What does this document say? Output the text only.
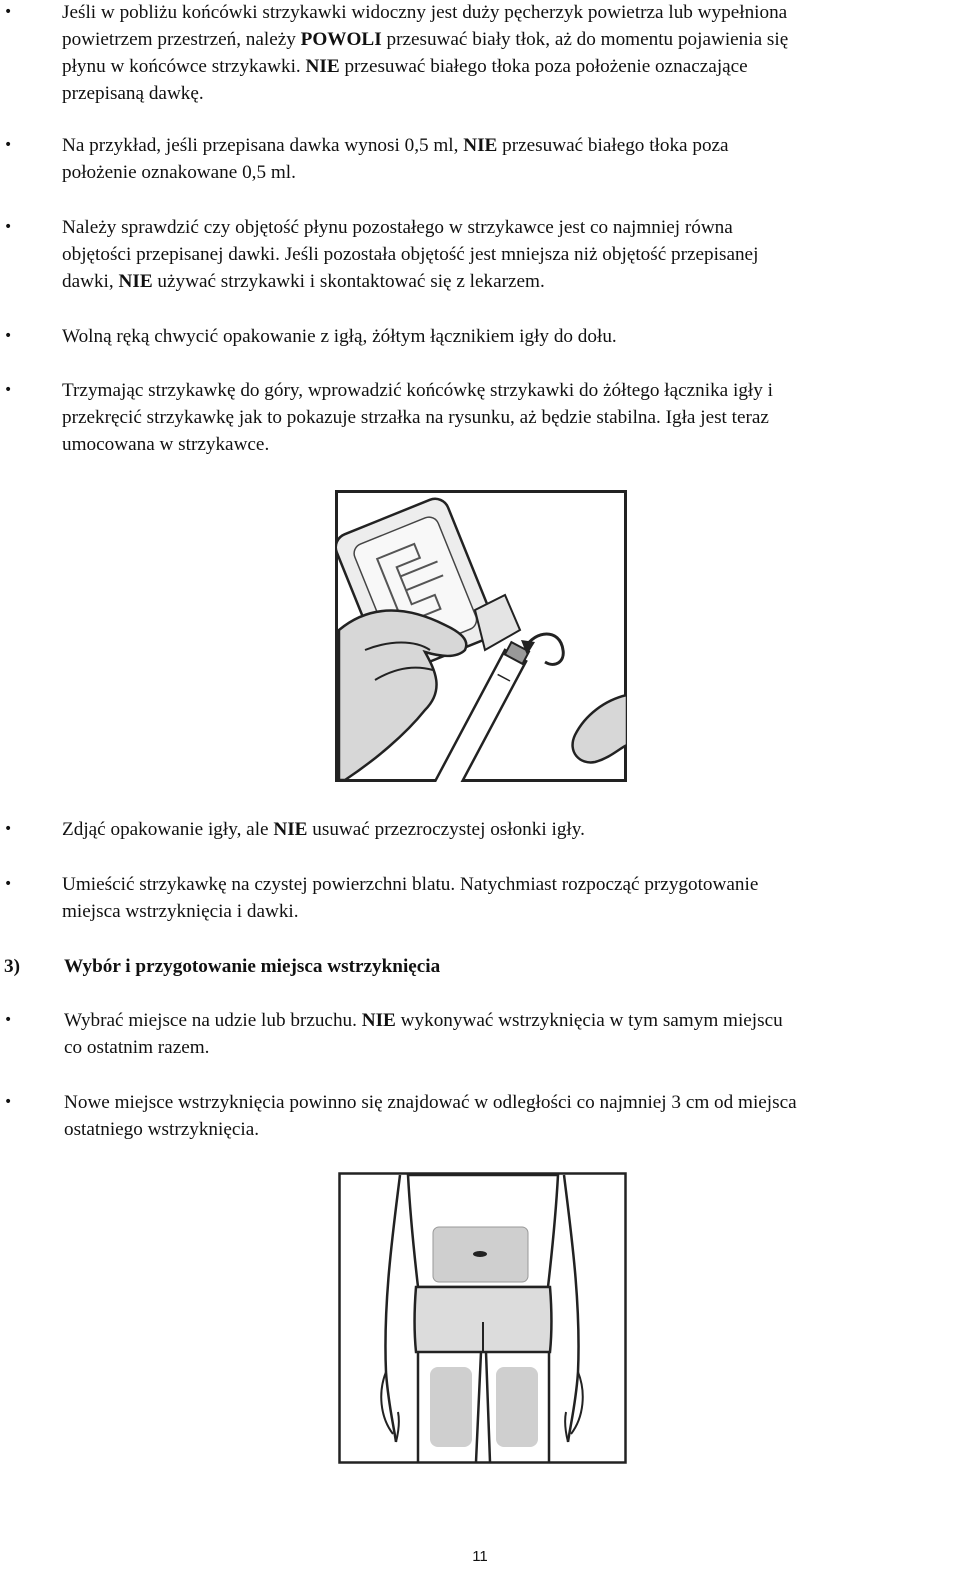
•	Jeśli w pobliżu końcówki strzykawki widoczny jest duży pęcherzyk powietrza lub wypełniona
powietrzem przestrzeń, należy POWOLI przesuwać biały tłok, aż do momentu pojawienia się
płynu w końcówce strzykawki. NIE przesuwać białego tłoka poza położenie oznaczające
przepisaną dawkę.
•	Na przykład, jeśli przepisana dawka wynosi 0,5 ml, NIE przesuwać białego tłoka poza
położenie oznakowane 0,5 ml.
•	Należy sprawdzić czy objętość płynu pozostałego w strzykawce jest co najmniej równa
objętości przepisanej dawki. Jeśli pozostała objętość jest mniejsza niż objętość przepisanej
dawki, NIE używać strzykawki i skontaktować się z lekarzem.
•	Wolną ręką chwycić opakowanie z igłą, żółtym łącznikiem igły do dołu.
•	Trzymając strzykawkę do góry, wprowadzić końcówkę strzykawki do żółtego łącznika igły i
przekręcić strzykawkę jak to pokazuje strzałka na rysunku, aż będzie stabilna. Igła jest teraz
umocowana w strzykawce.
•	Zdjąć opakowanie igły, ale NIE usuwać przezroczystej osłonki igły.
•	Umieścić strzykawkę na czystej powierzchni blatu. Natychmiast rozpocząć przygotowanie
miejsca wstrzyknięcia i dawki.
3) Wybór i przygotowanie miejsca wstrzyknięcia
•	Wybrać miejsce na udzie lub brzuchu. NIE wykonywać wstrzyknięcia w tym samym miejscu
co ostatnim razem.
•	Nowe miejsce wstrzyknięcia powinno się znajdować w odległości co najmniej 3 cm od miejsca
ostatniego wstrzyknięcia.
11
